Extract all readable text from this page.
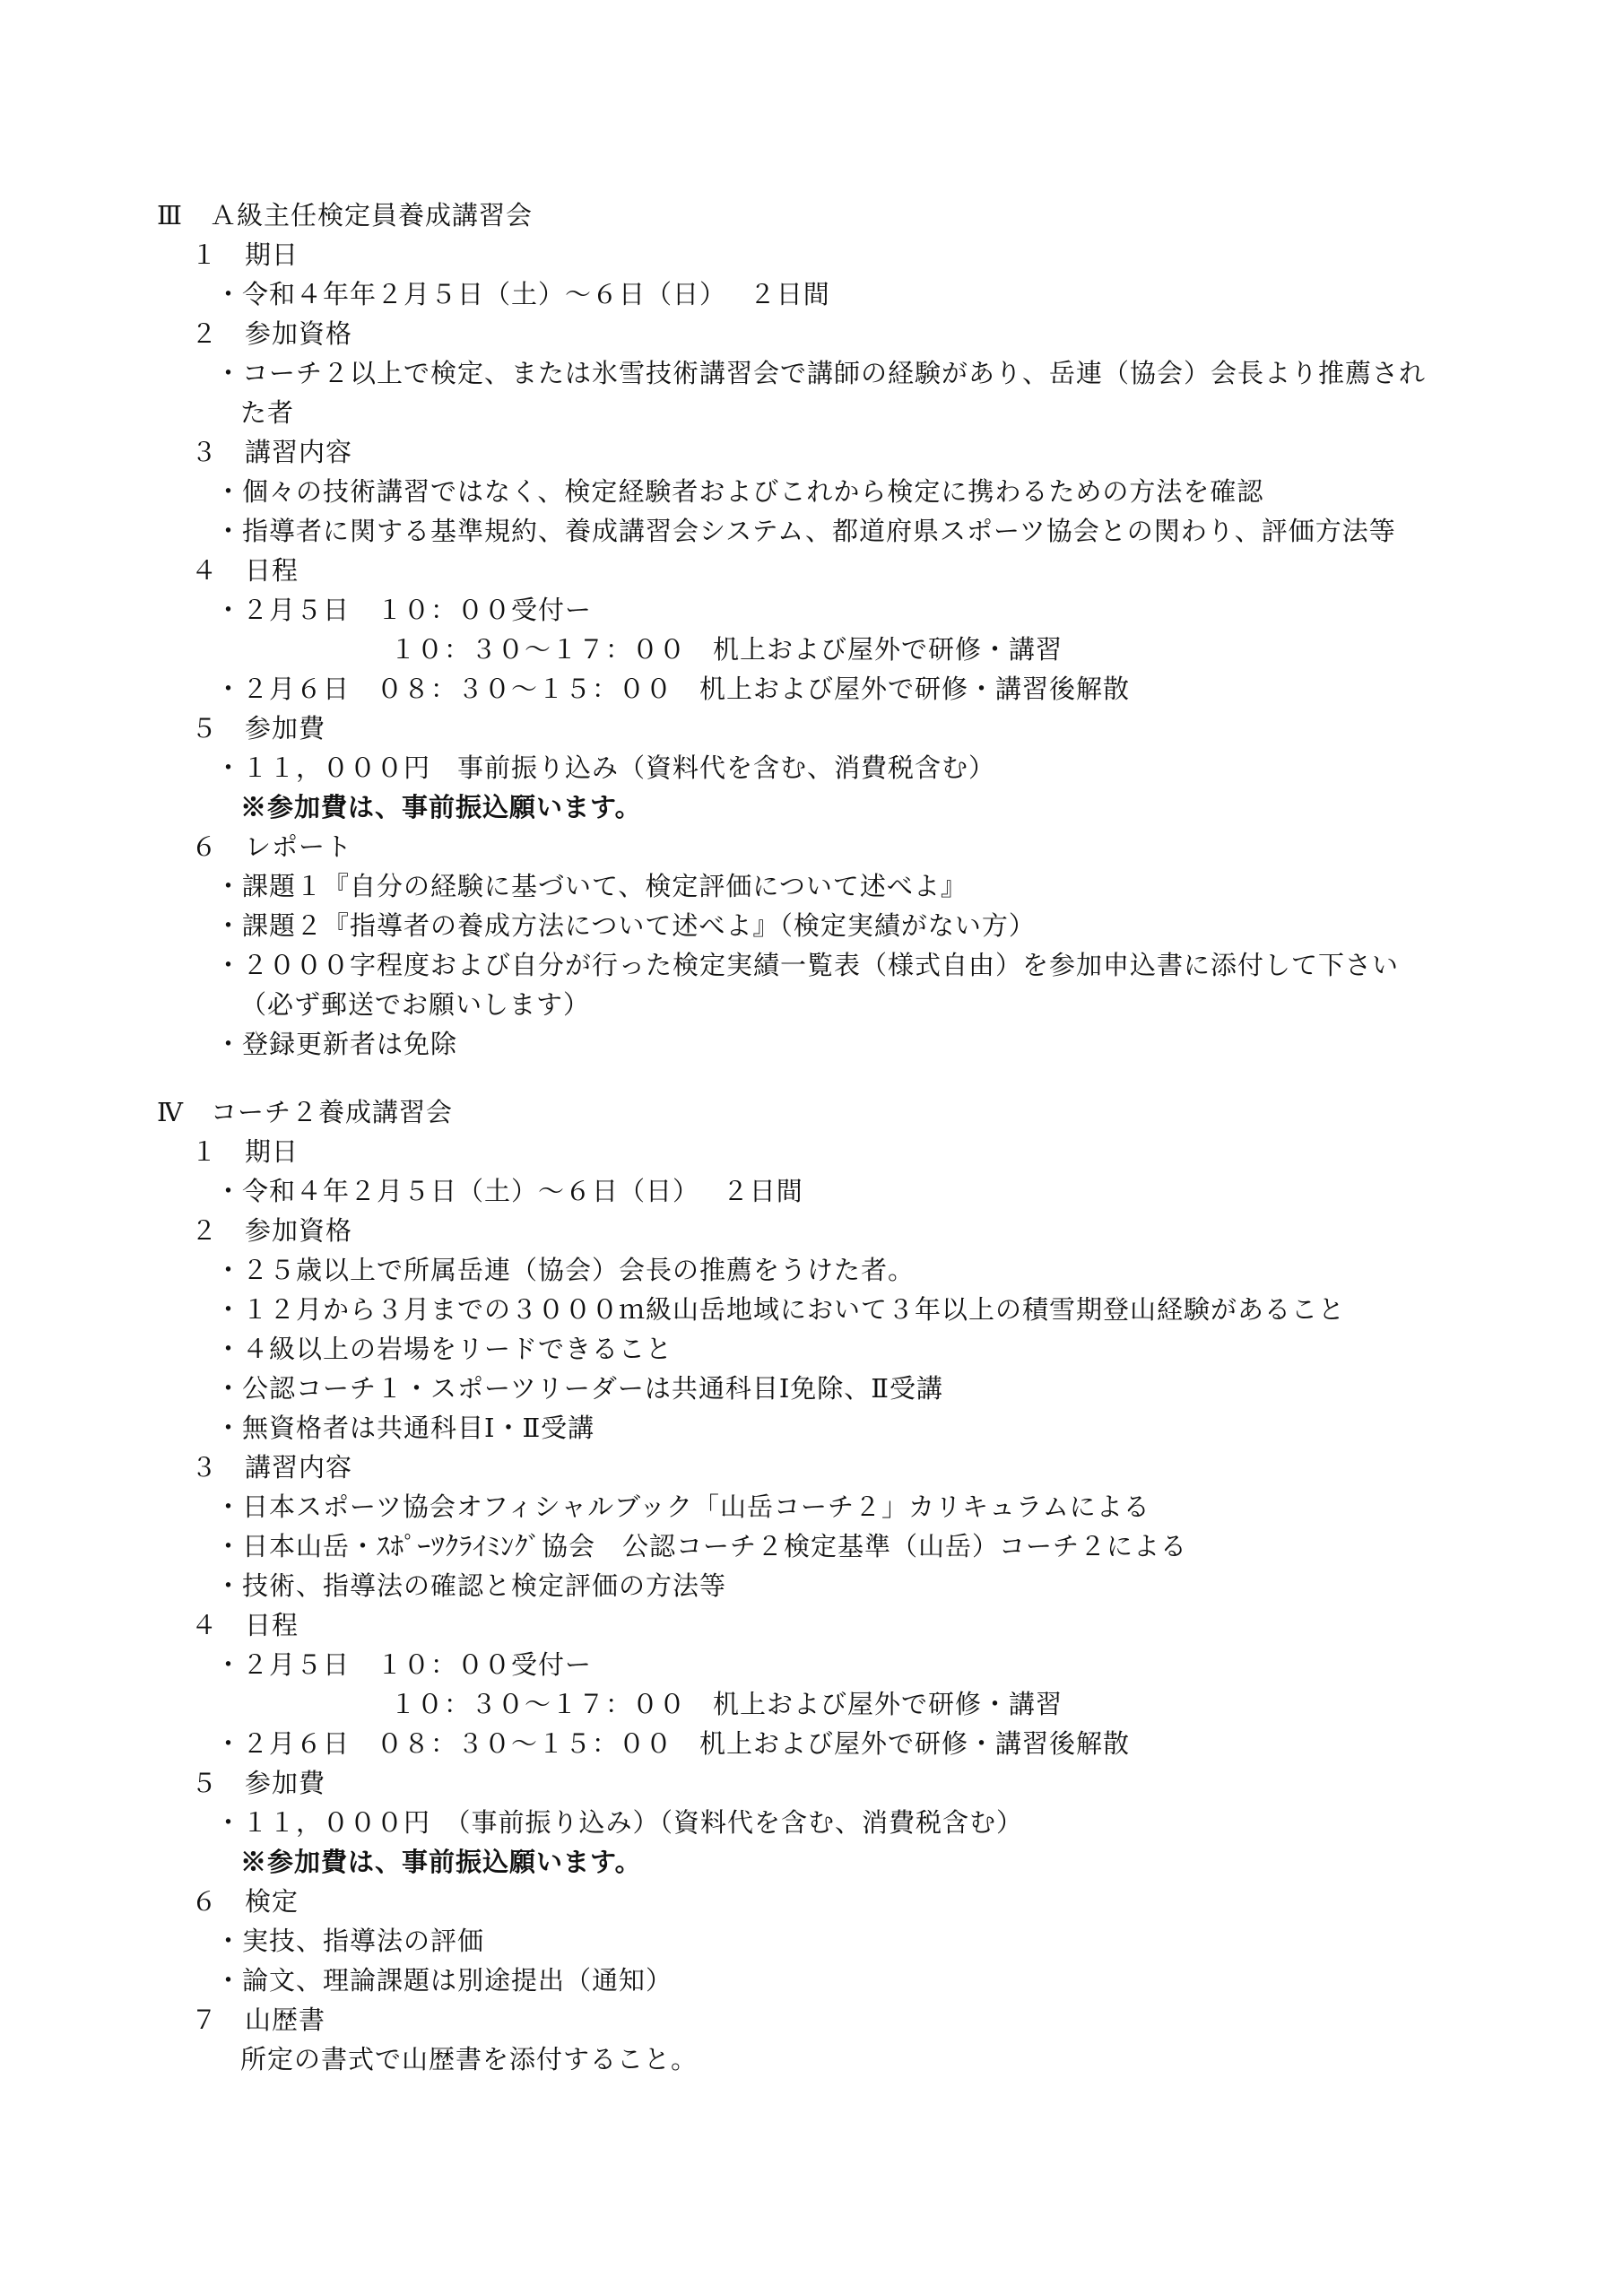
Ⅲ　Ａ級主任検定員養成講習会
１　期日
・令和４年年２月５日（土）～６日（日）　 ２日間
２　参加資格
・コーチ２以上で検定、または氷雪技術講習会で講師の経験があり、岳連（協会）会長より推薦され
た者
３　講習内容
・個々の技術講習ではなく、検定経験者およびこれから検定に携わるための方法を確認
・指導者に関する基準規約、養成講習会システム、都道府県スポーツ協会との関わり、評価方法等
４　日程
・２月５日　１０：００受付ー
１０：３０～１７：００　机上および屋外で研修・講習
・２月６日　０８：３０～１５：００　机上および屋外で研修・講習後解散
５　参加費
・１１，０００円　事前振り込み（資料代を含む、消費税含む）
※参加費は、事前振込願います。
６　レポート
・課題１『自分の経験に基づいて、検定評価について述べよ』
・課題２『指導者の養成方法について述べよ』（検定実績がない方）
・２０００字程度および自分が行った検定実績一覧表（様式自由）を参加申込書に添付して下さい
（必ず郵送でお願いします）
・登録更新者は免除
Ⅳ　コーチ２養成講習会
１　期日
・令和４年２月５日（土）～６日（日）　 ２日間
２　参加資格
・２５歳以上で所属岳連（協会）会長の推薦をうけた者。
・１２月から３月までの３０００ｍ級山岳地域において３年以上の積雪期登山経験があること
・４級以上の岩場をリードできること
・公認コーチ１・スポーツリーダーは共通科目Ⅰ免除、Ⅱ受講
・無資格者は共通科目Ⅰ・Ⅱ受講
３　講習内容
・日本スポーツ協会オフィシャルブック「山岳コーチ２」カリキュラムによる
・日本山岳・ｽﾎﾟｰﾂｸﾗｲﾐﾝｸﾞ協会　公認コーチ２検定基準（山岳）コーチ２による
・技術、指導法の確認と検定評価の方法等
４　日程
・２月５日　１０：００受付ー
１０：３０～１７：００　机上および屋外で研修・講習
・２月６日　０８：３０～１５：００　机上および屋外で研修・講習後解散
５　参加費
・１１，０００円　（事前振り込み）（資料代を含む、消費税含む）
※参加費は、事前振込願います。
６　検定
・実技、指導法の評価
・論文、理論課題は別途提出（通知）
７　山歴書
所定の書式で山歴書を添付すること。
